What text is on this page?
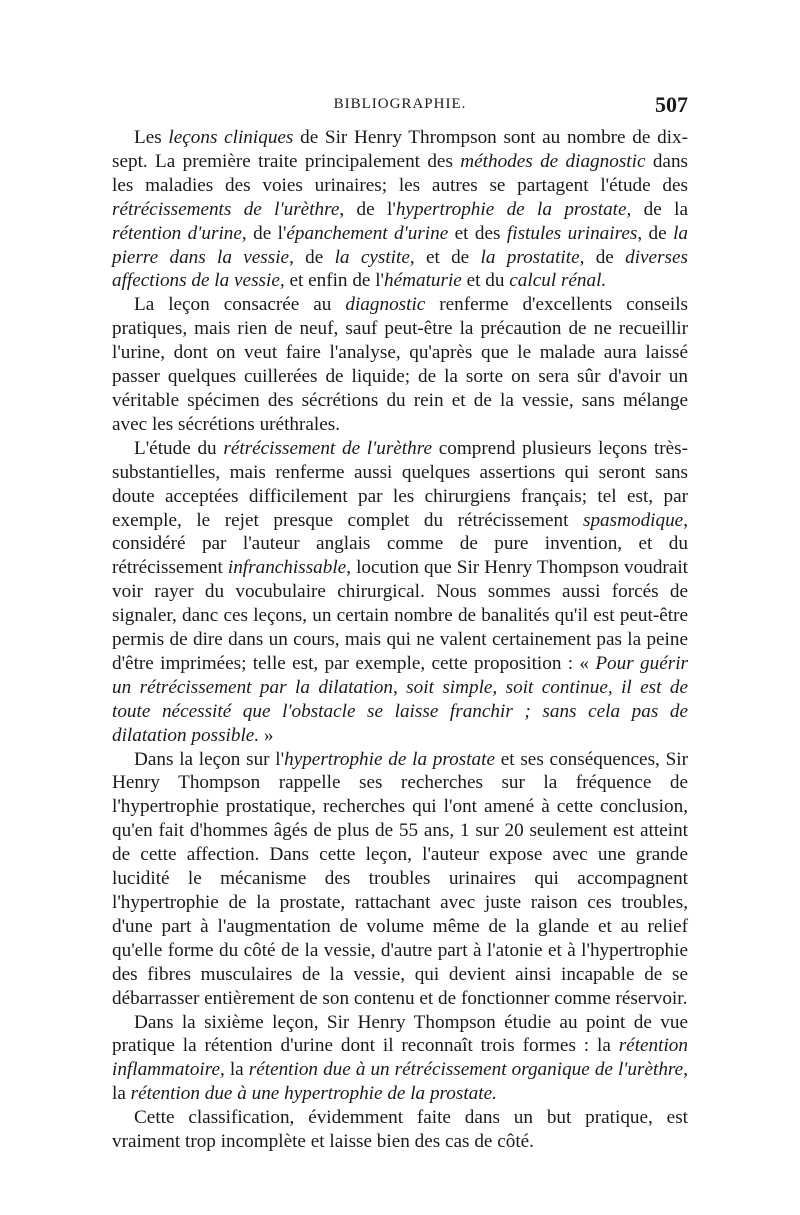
BIBLIOGRAPHIE.	507

Les leçons cliniques de Sir Henry Thrompson sont au nombre de dix-sept. La première traite principalement des méthodes de diagnostic dans les maladies des voies urinaires; les autres se partagent l'étude des rétrécissements de l'urèthre, de l'hypertrophie de la prostate, de la rétention d'urine, de l'épanchement d'urine et des fistules urinaires, de la pierre dans la vessie, de la cystite, et de la prostatite, de diverses affections de la vessie, et enfin de l'hématurie et du calcul rénal.

La leçon consacrée au diagnostic renferme d'excellents conseils pratiques, mais rien de neuf, sauf peut-être la précaution de ne recueillir l'urine, dont on veut faire l'analyse, qu'après que le malade aura laissé passer quelques cuillerées de liquide; de la sorte on sera sûr d'avoir un véritable spécimen des sécrétions du rein et de la vessie, sans mélange avec les sécrétions uréthrales.

L'étude du rétrécissement de l'urèthre comprend plusieurs leçons très-substantielles, mais renferme aussi quelques assertions qui seront sans doute acceptées difficilement par les chirurgiens français; tel est, par exemple, le rejet presque complet du rétrécissement spasmodique, considéré par l'auteur anglais comme de pure invention, et du rétrécissement infranchissable, locution que Sir Henry Thompson voudrait voir rayer du vocubulaire chirurgical. Nous sommes aussi forcés de signaler, danc ces leçons, un certain nombre de banalités qu'il est peut-être permis de dire dans un cours, mais qui ne valent certainement pas la peine d'être imprimées; telle est, par exemple, cette proposition : « Pour guérir un rétrécissement par la dilatation, soit simple, soit continue, il est de toute nécessité que l'obstacle se laisse franchir ; sans cela pas de dilatation possible. »

Dans la leçon sur l'hypertrophie de la prostate et ses conséquences, Sir Henry Thompson rappelle ses recherches sur la fréquence de l'hypertrophie prostatique, recherches qui l'ont amené à cette conclusion, qu'en fait d'hommes âgés de plus de 55 ans, 1 sur 20 seulement est atteint de cette affection. Dans cette leçon, l'auteur expose avec une grande lucidité le mécanisme des troubles urinaires qui accompagnent l'hypertrophie de la prostate, rattachant avec juste raison ces troubles, d'une part à l'augmentation de volume même de la glande et au relief qu'elle forme du côté de la vessie, d'autre part à l'atonie et à l'hypertrophie des fibres musculaires de la vessie, qui devient ainsi incapable de se débarrasser entièrement de son contenu et de fonctionner comme réservoir.

Dans la sixième leçon, Sir Henry Thompson étudie au point de vue pratique la rétention d'urine dont il reconnaît trois formes : la rétention inflammatoire, la rétention due à un rétrécissement organique de l'urèthre, la rétention due à une hypertrophie de la prostate.

Cette classification, évidemment faite dans un but pratique, est vraiment trop incomplète et laisse bien des cas de côté.
